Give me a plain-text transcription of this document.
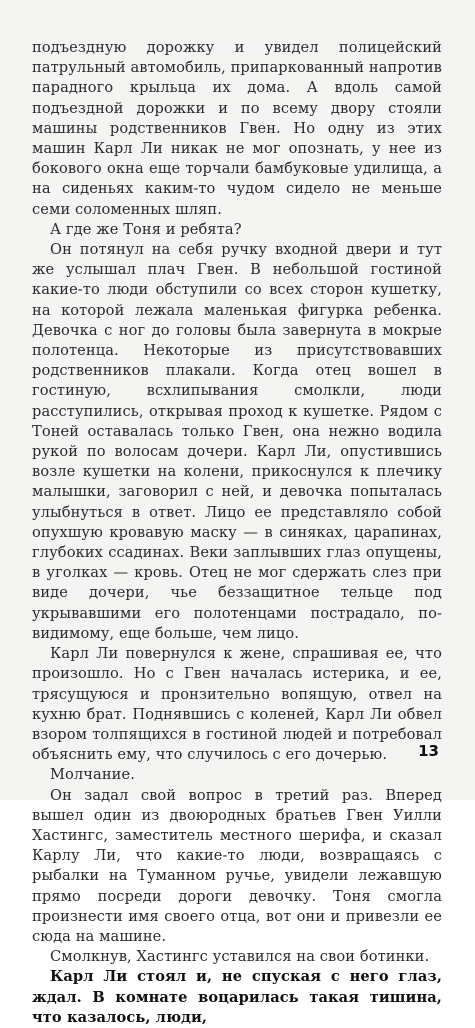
подъездную дорожку и увидел полицейский патрульный автомобиль, припаркованный напротив парадного крыльца их дома. А вдоль самой подъездной дорожки и по всему двору стояли машины родственников Гвен. Но одну из этих машин Карл Ли никак не мог опознать, у нее из бокового окна еще торчали бамбуковые удилища, а на сиденьях каким-то чудом сидело не меньше семи соломенных шляп.

А где же Тоня и ребята?

Он потянул на себя ручку входной двери и тут же услышал плач Гвен. В небольшой гостиной какие-то люди обступили со всех сторон кушетку, на которой лежала маленькая фигурка ребенка. Девочка с ног до головы была завернута в мокрые полотенца. Некоторые из присутствовавших родственников плакали. Когда отец вошел в гостиную, всхлипывания смолкли, люди расступились, открывая проход к кушетке. Рядом с Тоней оставалась только Гвен, она нежно водила рукой по волосам дочери. Карл Ли, опустившись возле кушетки на колени, прикоснулся к плечику малышки, заговорил с ней, и девочка попыталась улыбнуться в ответ. Лицо ее представляло собой опухшую кровавую маску — в синяках, царапинах, глубоких ссадинах. Веки заплывших глаз опущены, в уголках — кровь. Отец не мог сдержать слез при виде дочери, чье беззащитное тельце под укрывавшими его полотенцами пострадало, по-видимому, еще больше, чем лицо.

Карл Ли повернулся к жене, спрашивая ее, что произошло. Но с Гвен началась истерика, и ее, трясущуюся и пронзительно вопящую, отвел на кухню брат. Поднявшись с коленей, Карл Ли обвел взором толпящихся в гостиной людей и потребовал объяснить ему, что случилось с его дочерью.

Молчание.

Он задал свой вопрос в третий раз. Вперед вышел один из двоюродных братьев Гвен Уилли Хастингс, заместитель местного шерифа, и сказал Карлу Ли, что какие-то люди, возвращаясь с рыбалки на Туманном ручье, увидели лежавшую прямо посреди дороги девочку. Тоня смогла произнести имя своего отца, вот они и привезли ее сюда на машине.

Смолкнув, Хастингс уставился на свои ботинки.

Карл Ли стоял и, не спуская с него глаз, ждал. В комнате воцарилась такая тишина, что казалось, люди,

13
